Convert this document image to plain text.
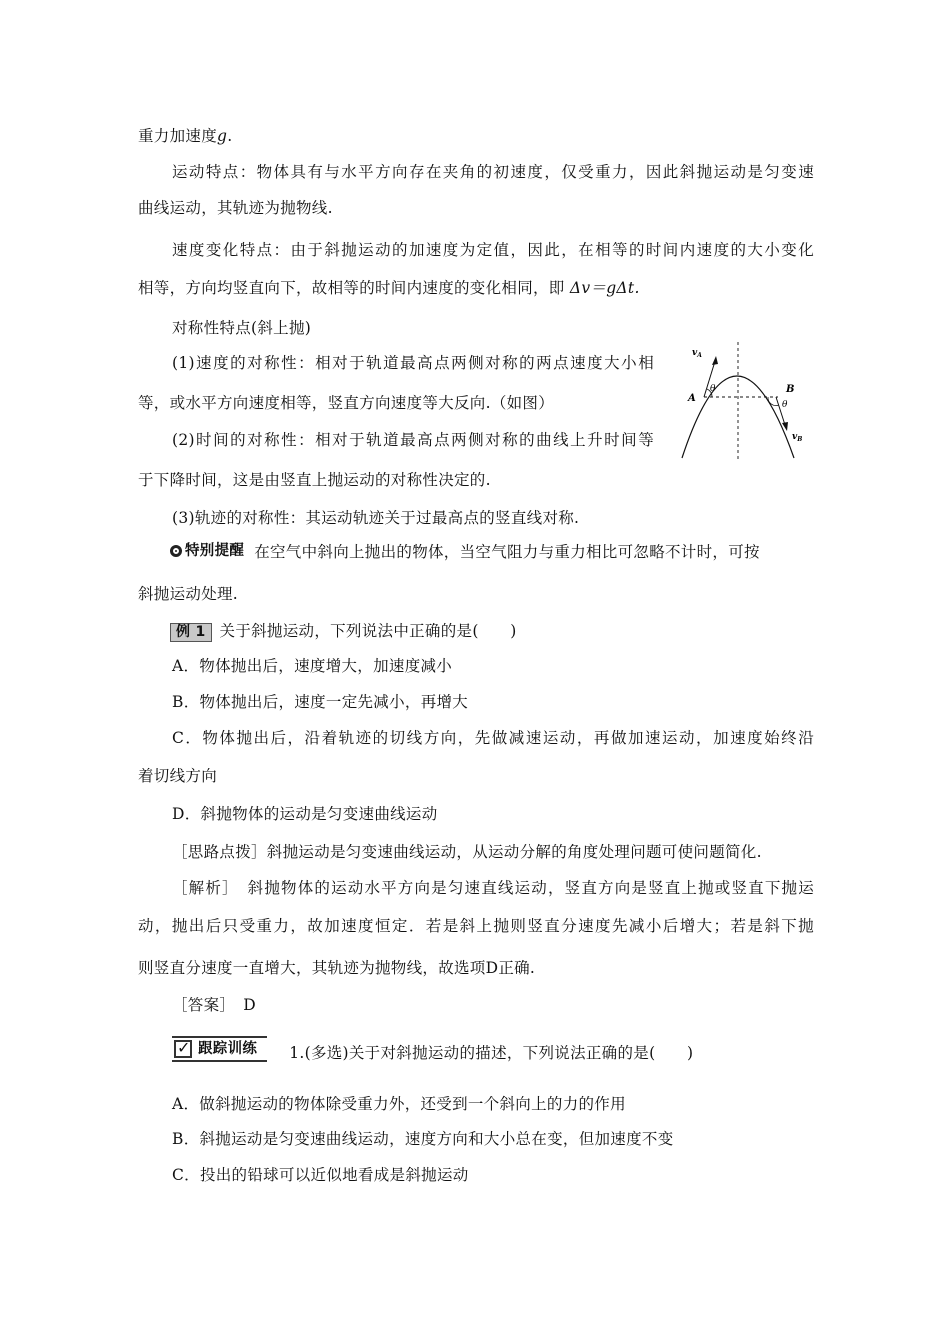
重力加速度g.
运动特点：物体具有与水平方向存在夹角的初速度，仅受重力，因此斜抛运动是匀变速
曲线运动，其轨迹为抛物线.
速度变化特点：由于斜抛运动的加速度为定值，因此，在相等的时间内速度的大小变化
相等，方向均竖直向下，故相等的时间内速度的变化相同，即 Δv＝gΔt.
对称性特点(斜上抛)
(1)速度的对称性：相对于轨道最高点两侧对称的两点速度大小相
等，或水平方向速度相等，竖直方向速度等大反向.（如图）
(2)时间的对称性：相对于轨道最高点两侧对称的曲线上升时间等
于下降时间，这是由竖直上抛运动的对称性决定的.
(3)轨迹的对称性：其运动轨迹关于过最高点的竖直线对称.
$v_A$
A
θ	B
θ
$v_B$
特别提醒 在空气中斜向上抛出的物体，当空气阻力与重力相比可忽略不计时，可按
斜抛运动处理.
例 1 关于斜抛运动，下列说法中正确的是(　　)
A．物体抛出后，速度增大，加速度减小
B．物体抛出后，速度一定先减小，再增大
C．物体抛出后，沿着轨迹的切线方向，先做减速运动，再做加速运动，加速度始终沿
着切线方向
D．斜抛物体的运动是匀变速曲线运动
［思路点拨］斜抛运动是匀变速曲线运动，从运动分解的角度处理问题可使问题简化.
［解析］　斜抛物体的运动水平方向是匀速直线运动，竖直方向是竖直上抛或竖直下抛运
动，抛出后只受重力，故加速度恒定．若是斜上抛则竖直分速度先减小后增大；若是斜下抛
则竖直分速度一直增大，其轨迹为抛物线，故选项D正确.
［答案］　D
✓
跟踪训练 1.(多选)关于对斜抛运动的描述，下列说法正确的是(　　)
A．做斜抛运动的物体除受重力外，还受到一个斜向上的力的作用
B．斜抛运动是匀变速曲线运动，速度方向和大小总在变，但加速度不变
C．投出的铅球可以近似地看成是斜抛运动
